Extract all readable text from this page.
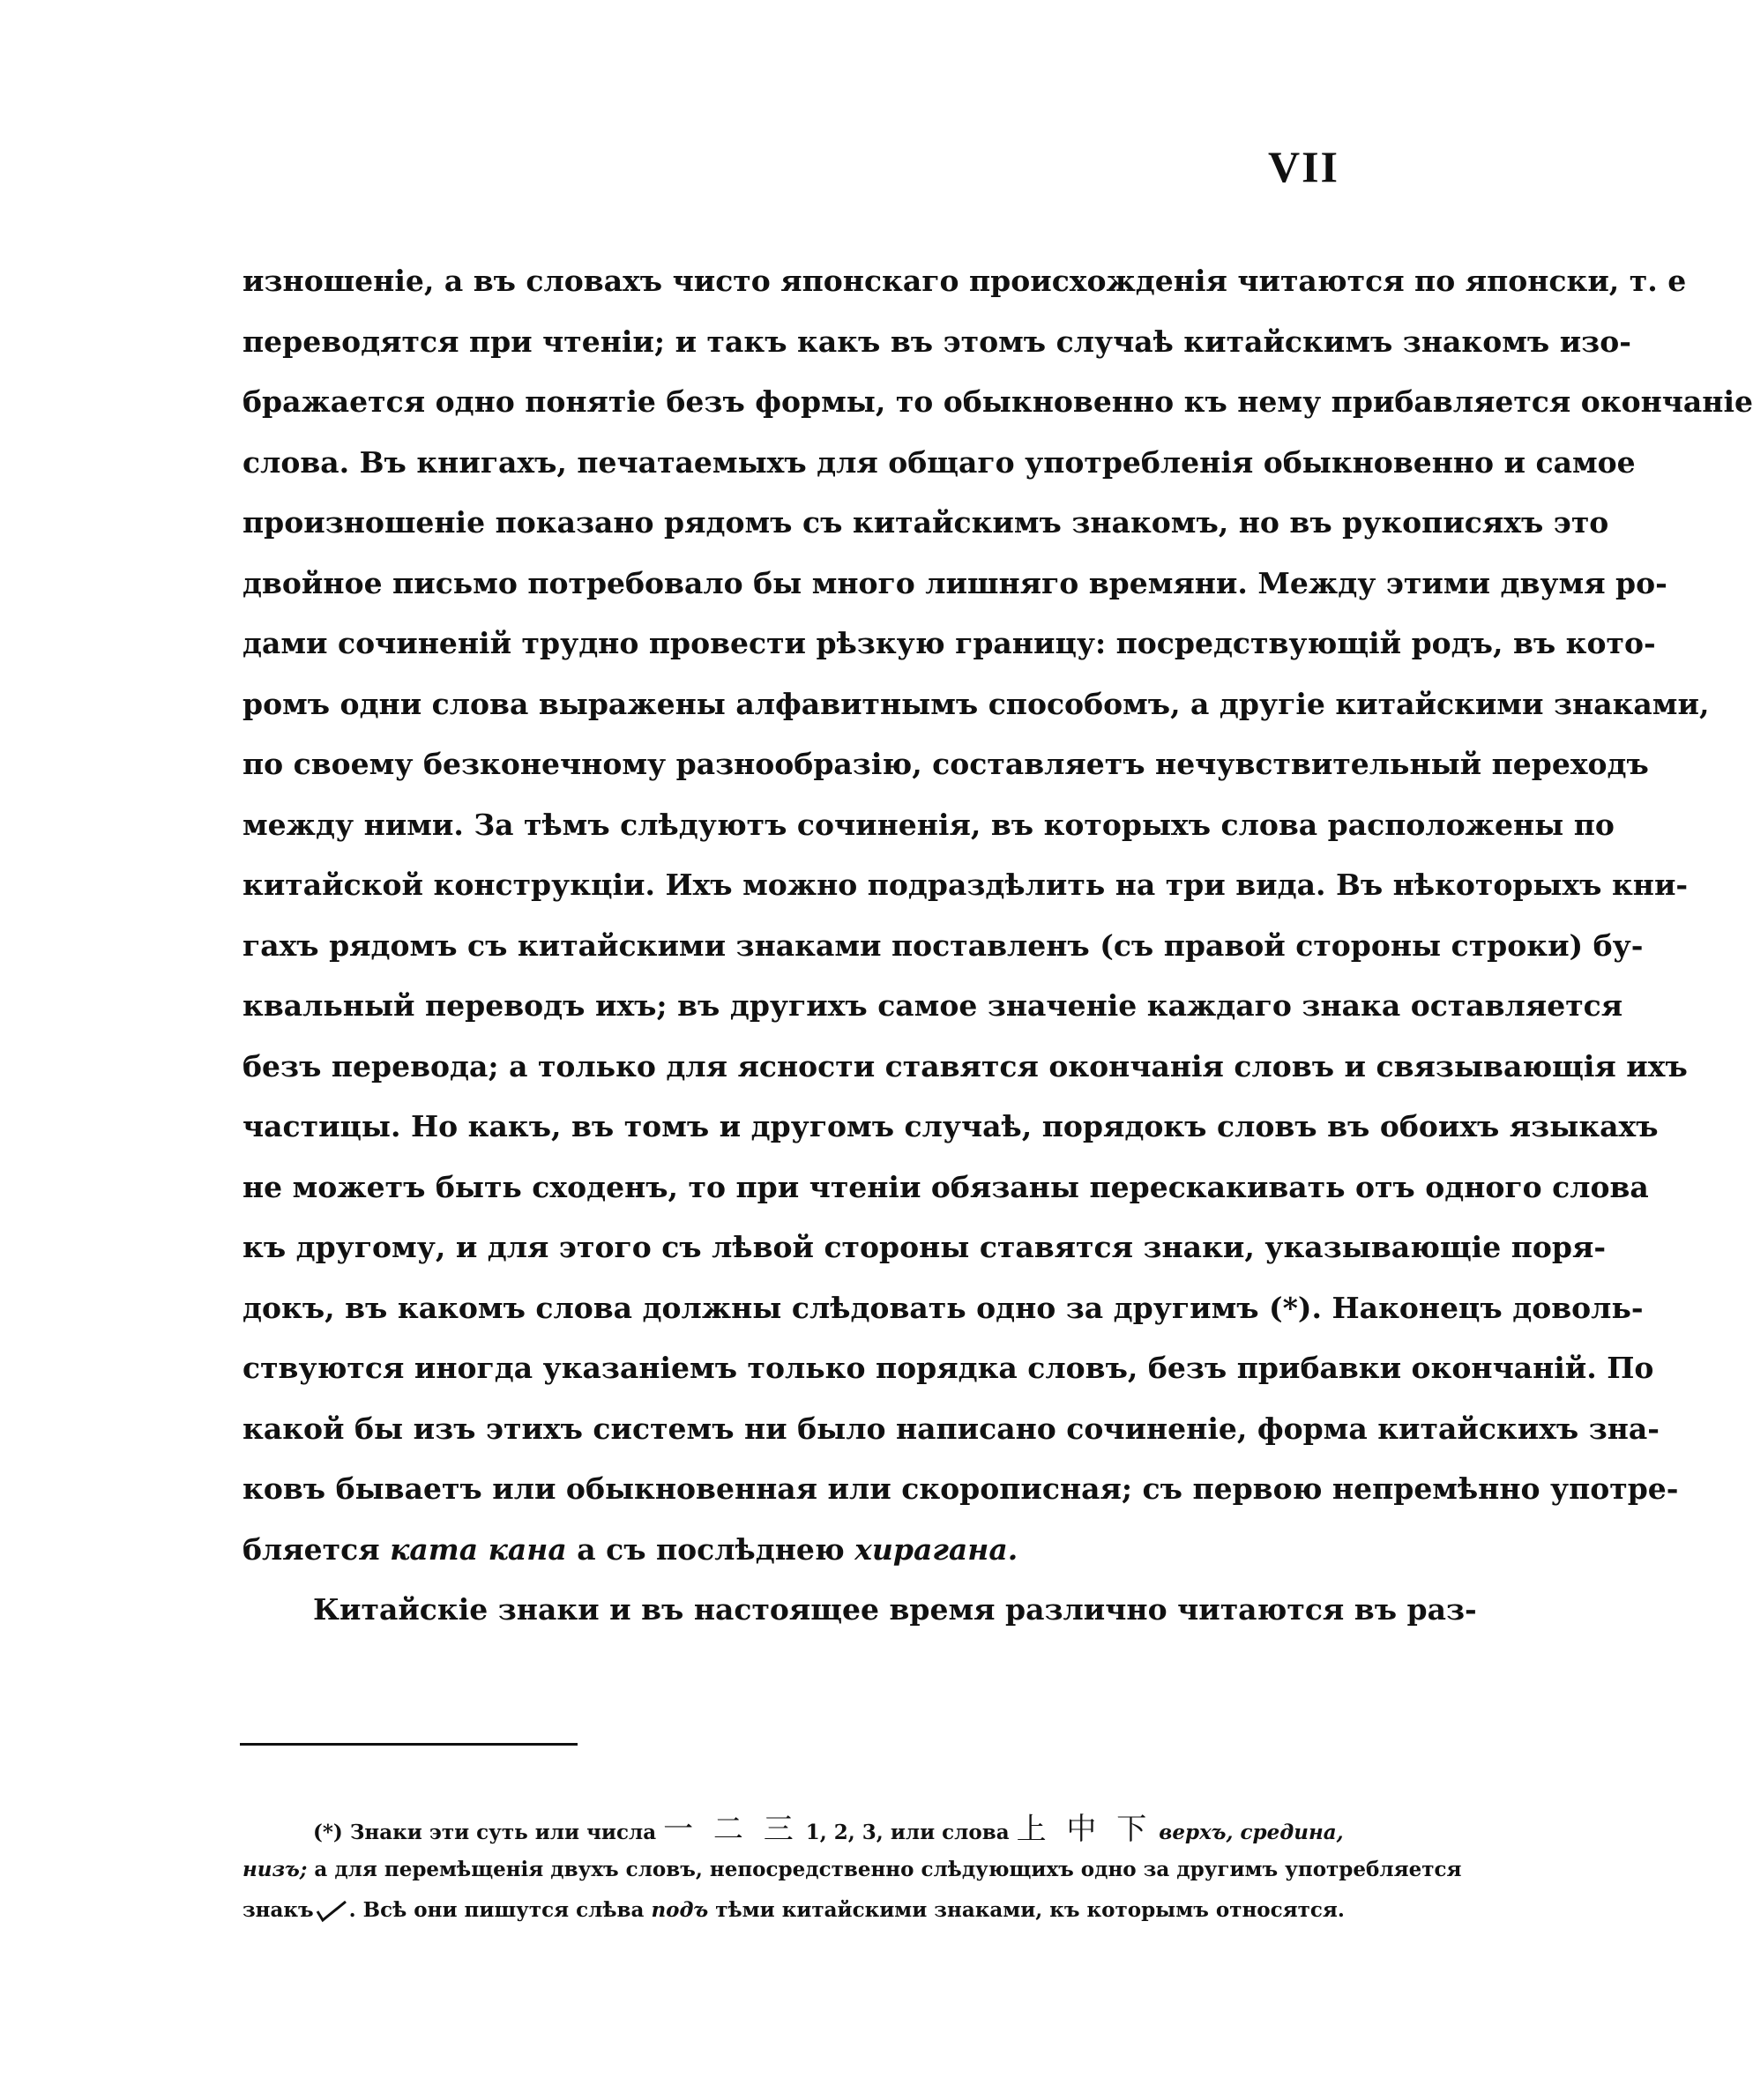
VII
изношеніе, а въ словахъ чисто японскаго происхожденія читаются по японски, т. е
переводятся при чтеніи; и такъ какъ въ этомъ случаѣ китайскимъ знакомъ изо-
бражается одно понятіе безъ формы, то обыкновенно къ нему прибавляется окончаніе
слова. Въ книгахъ, печатаемыхъ для общаго употребленія обыкновенно и самое
произношеніе показано рядомъ съ китайскимъ знакомъ, но въ рукописяхъ это
двойное письмо потребовало бы много лишняго времяни. Между этими двумя ро-
дами сочиненій трудно провести рѣзкую границу: посредствующій родъ, въ кото-
ромъ одни слова выражены алфавитнымъ способомъ, а другіе китайскими знаками,
по своему безконечному разнообразію, составляетъ нечувствительный переходъ
между ними. За тѣмъ слѣдуютъ сочиненія, въ которыхъ слова расположены по
китайской конструкціи. Ихъ можно подраздѣлить на три вида. Въ нѣкоторыхъ кни-
гахъ рядомъ съ китайскими знаками поставленъ (съ правой стороны строки) бу-
квальный переводъ ихъ; въ другихъ самое значеніе каждаго знака оставляется
безъ перевода; а только для ясности ставятся окончанія словъ и связывающія ихъ
частицы. Но какъ, въ томъ и другомъ случаѣ, порядокъ словъ въ обоихъ языкахъ
не можетъ быть сходенъ, то при чтеніи обязаны перескакивать отъ одного слова
къ другому, и для этого съ лѣвой стороны ставятся знаки, указывающіе поря-
докъ, въ какомъ слова должны слѣдовать одно за другимъ (*). Наконецъ доволь-
ствуются иногда указаніемъ только порядка словъ, безъ прибавки окончаній. По
какой бы изъ этихъ системъ ни было написано сочиненіе, форма китайскихъ зна-
ковъ бываетъ или обыкновенная или скорописная; съ первою непремѣнно употре-
бляется ката кана а съ послѣднею хирагана.
Китайскіе знаки и въ настоящее время различно читаются въ раз-
(*) Знаки эти суть или числа 一 二 三 1, 2, 3, или слова 上 中 下 верхъ, средина,
низъ; а для перемѣщенія двухъ словъ, непосредственно слѣдующихъ одно за другимъ употребляется
знакъ . Всѣ они пишутся слѣва подъ тѣми китайскими знаками, къ которымъ относятся.
